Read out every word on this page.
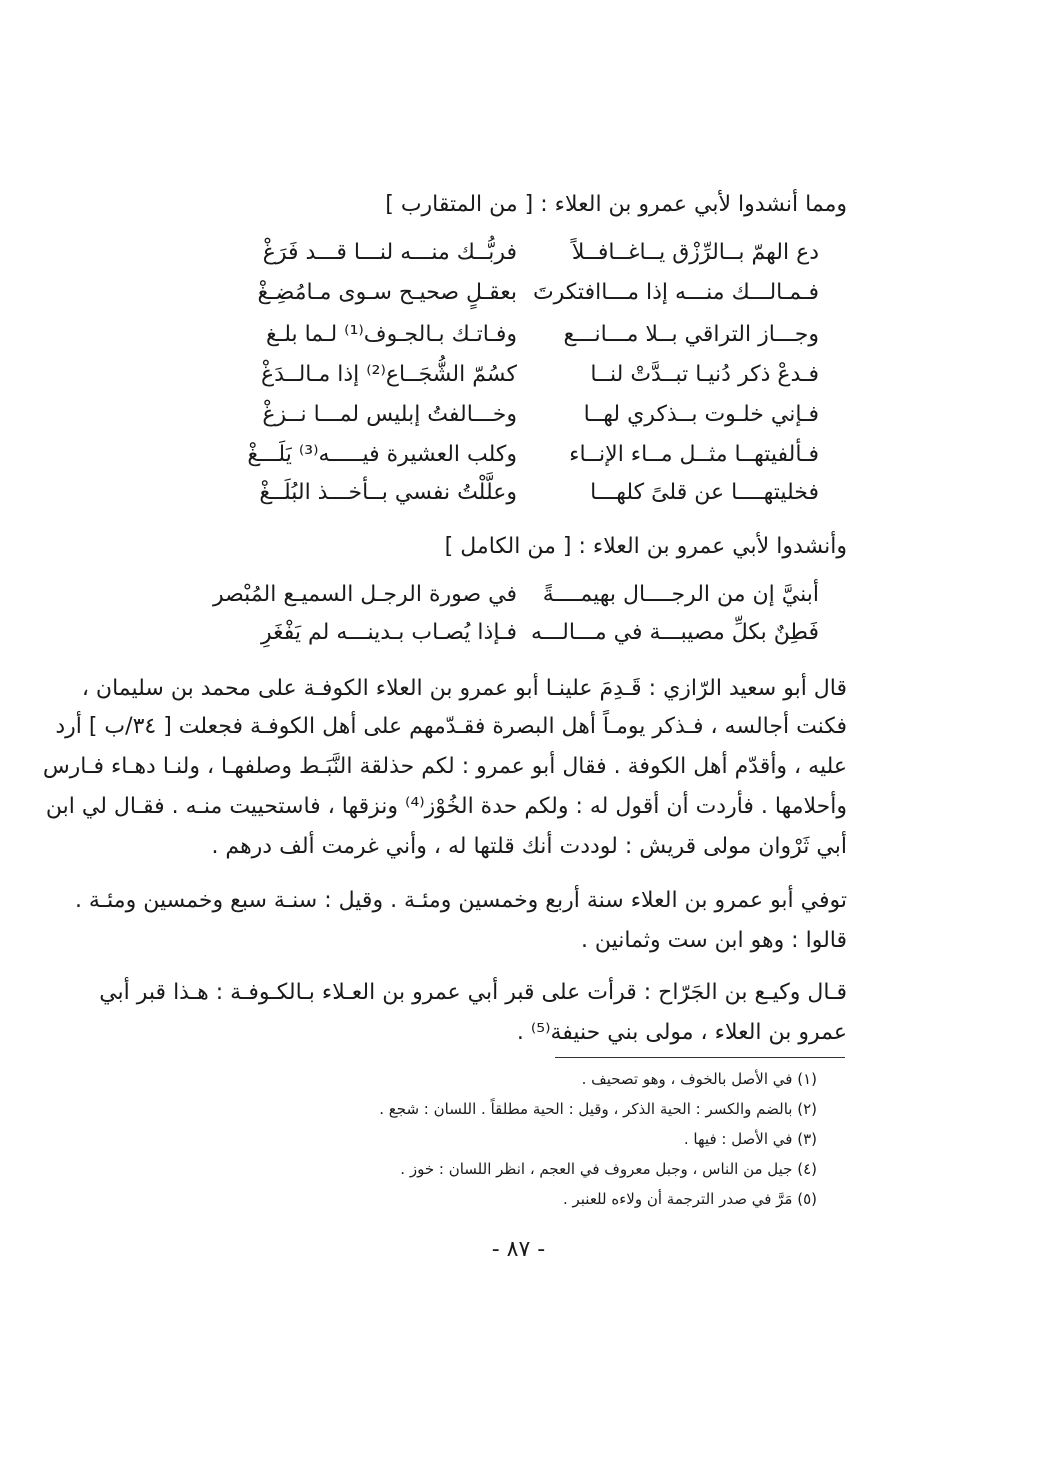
ومما أنشدوا لأبي عمرو بن العلاء : [ من المتقارب ]
دع الهمّ بــالرِّزْق يــاغــافــلاً
فربُّــك منـــه لنـــا قـــد فَرَغْ
فـمـالـــك منـــه إذا مـــاافتكرتَ
بعقـلٍ صحيـح سـوى مـامُضِـغْ
وجـــاز التراقي بــلا مـــانـــع
وفـاتـك بـالجـوف⁽¹⁾ لـما بلـغ
فـدعْ ذكر دُنيـا تبــدَّتْ لنــا
كسُمّ الشُّجَــاع⁽²⁾ إذا مـالــدَغْ
فـإني خلـوت بــذكري لهــا
وخـــالفتُ إبليس لمـــا نــزغْ
فـألفيتهــا مثــل مــاء الإنــاء
وكلب العشيرة فيـــــه⁽³⁾ يَلَـــغْ
فخليتهــــا عن قلىً كلهـــا
وعلَّلْتُ نفسي بــأخـــذ البُلَــغْ
وأنشدوا لأبي عمرو بن العلاء : [ من الكامل ]
أبنيَّ إن من الرجــــال بهيمــــةً
في صورة الرجـل السميـع المُبْصر
فَطِنٌ بكلِّ مصيبـــة في مـــالـــه
فـإذا يُصـاب بـدينـــه لم يَفْغَرِ
قال أبو سعيد الرّازي : قَـدِمَ علينـا أبو عمرو بن العلاء الكوفـة على محمد بن سليمان ،
فكنت أجالسه ، فـذكر يومـاً أهل البصرة فقـدّمهم على أهل الكوفـة فجعلت [ ٣٤/ب ] أرد
عليه ، وأقدّم أهل الكوفة . فقال أبو عمرو : لكم حذلقة النَّبَـط وصلفهـا ، ولنـا دهـاء فـارس
وأحلامها . فأردت أن أقول له : ولكم حدة الخُوْز⁽⁴⁾ ونزقها ، فاستحييت منـه . فقـال لي ابن
أبي ثَرْوان مولى قريش : لوددت أنك قلتها له ، وأني غرمت ألف درهم .
توفي أبو عمرو بن العلاء سنة أربع وخمسين ومئـة . وقيل : سنـة سبع وخمسين ومئـة .
قالوا : وهو ابن ست وثمانين .
قـال وكيـع بن الجَرّاح : قرأت على قبر أبي عمرو بن العـلاء بـالكـوفـة : هـذا قبر أبي
عمرو بن العلاء ، مولى بني حنيفة⁽⁵⁾ .
(١) في الأصل بالخوف ، وهو تصحيف .
(٢) بالضم والكسر : الحية الذكر ، وقيل : الحية مطلقاً . اللسان : شجع .
(٣) في الأصل : فيها .
(٤) جيل من الناس ، وجبل معروف في العجم ، انظر اللسان : خوز .
(٥) مَرَّ في صدر الترجمة أن ولاءه للعنبر .
- ٨٧ -
